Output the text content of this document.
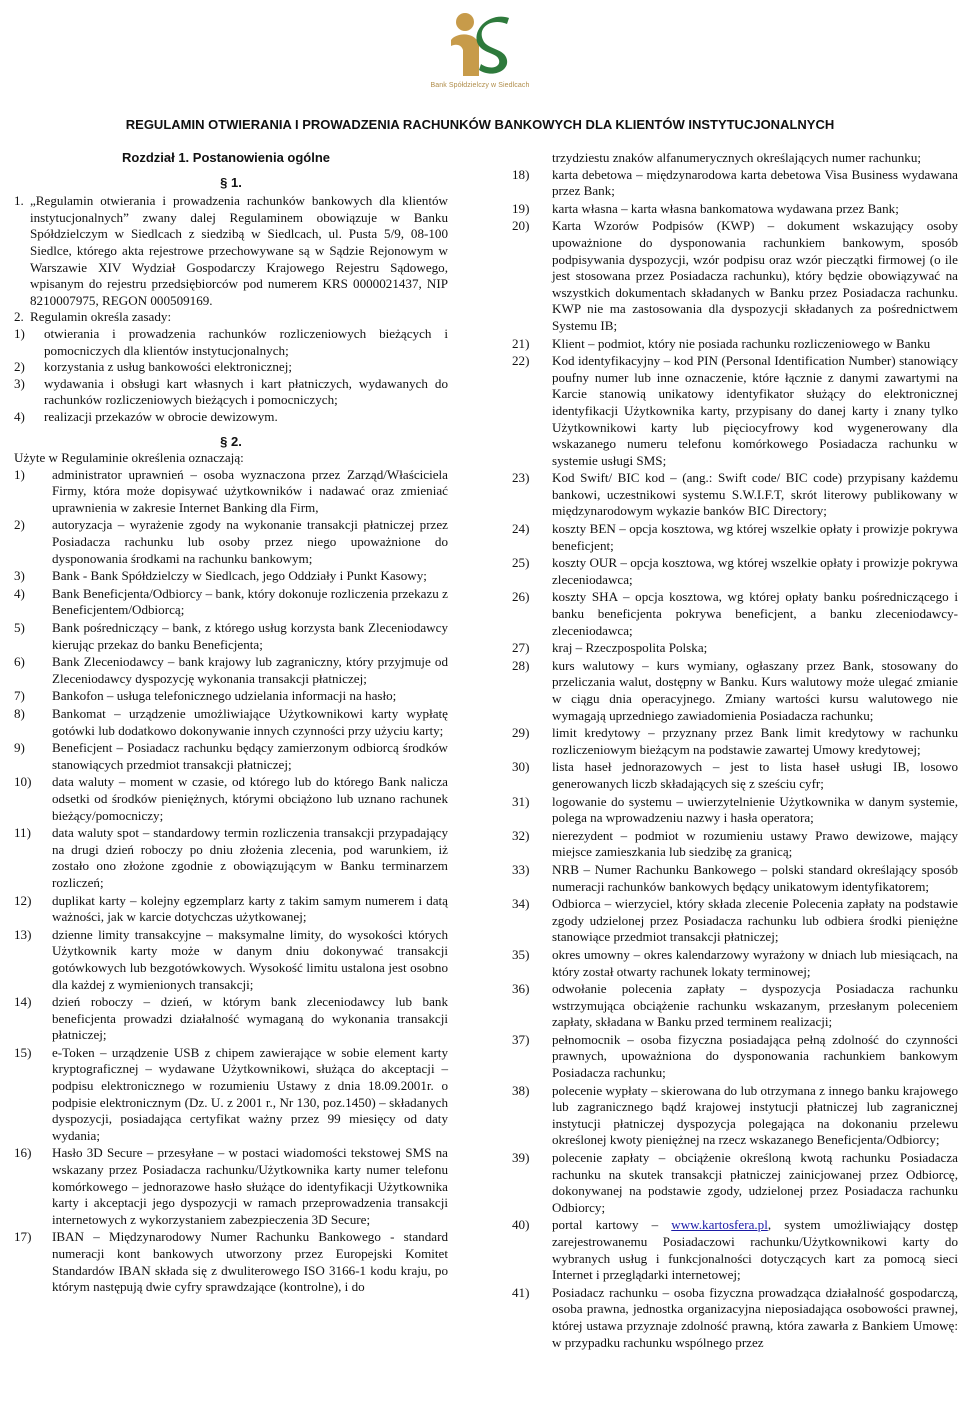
Bank Spółdzielczy w Siedlcach
REGULAMIN OTWIERANIA I PROWADZENIA RACHUNKÓW BANKOWYCH DLA KLIENTÓW INSTYTUCJONALNYCH
Rozdział 1. Postanowienia ogólne
§ 1.
1. „Regulamin otwierania i prowadzenia rachunków bankowych dla klientów instytucjonalnych” zwany dalej Regulaminem obowiązuje w Banku Spółdzielczym w Siedlcach z siedzibą w Siedlcach, ul. Pusta 5/9, 08-100 Siedlce, którego akta rejestrowe przechowywane są w Sądzie Rejonowym w Warszawie XIV Wydział Gospodarczy Krajowego Rejestru Sądowego, wpisanym do rejestru przedsiębiorców pod numerem KRS 0000021437, NIP 8210007975, REGON 000509169.
2. Regulamin określa zasady:
1) otwierania i prowadzenia rachunków rozliczeniowych bieżących i pomocniczych dla klientów instytucjonalnych;
2) korzystania z usług bankowości elektronicznej;
3) wydawania i obsługi kart własnych i kart płatniczych, wydawanych do rachunków rozliczeniowych bieżących i pomocniczych;
4) realizacji przekazów w obrocie dewizowym.
§ 2.
Użyte w Regulaminie określenia oznaczają:
1)	administrator uprawnień – osoba wyznaczona przez Zarząd/Właściciela Firmy, która może dopisywać użytkowników i nadawać oraz zmieniać uprawnienia w zakresie Internet Banking dla Firm,
2)	autoryzacja – wyrażenie zgody na wykonanie transakcji płatniczej przez Posiadacza rachunku lub osoby przez niego upoważnione do dysponowania środkami na rachunku bankowym;
3)	Bank - Bank Spółdzielczy w Siedlcach, jego Oddziały i Punkt Kasowy;
4)	Bank Beneficjenta/Odbiorcy – bank, który dokonuje rozliczenia przekazu z Beneficjentem/Odbiorcą;
5)	Bank pośredniczący – bank, z którego usług korzysta bank Zleceniodawcy kierując przekaz do banku Beneficjenta;
6)	Bank Zleceniodawcy – bank krajowy lub zagraniczny, który przyjmuje od Zleceniodawcy dyspozycję wykonania transakcji płatniczej;
7)	Bankofon – usługa telefonicznego udzielania informacji na hasło;
8)	Bankomat – urządzenie umożliwiające Użytkownikowi karty wypłatę gotówki lub dodatkowo dokonywanie innych czynności przy użyciu karty;
9)	Beneficjent – Posiadacz rachunku będący zamierzonym odbiorcą środków stanowiących przedmiot transakcji płatniczej;
10)	data waluty – moment w czasie, od którego lub do którego Bank nalicza odsetki od środków pieniężnych, którymi obciążono lub uznano rachunek bieżący/pomocniczy;
11)	data waluty spot – standardowy termin rozliczenia transakcji przypadający na drugi dzień roboczy po dniu złożenia zlecenia, pod warunkiem, iż zostało ono złożone zgodnie z obowiązującym w Banku terminarzem rozliczeń;
12)	duplikat karty – kolejny egzemplarz karty z takim samym numerem i datą ważności, jak w karcie dotychczas użytkowanej;
13)	dzienne limity transakcyjne – maksymalne limity, do wysokości których Użytkownik karty może w danym dniu dokonywać transakcji gotówkowych lub bezgotówkowych. Wysokość limitu ustalona jest osobno dla każdej z wymienionych transakcji;
14)	dzień roboczy – dzień, w którym bank zleceniodawcy lub bank beneficjenta prowadzi działalność wymaganą do wykonania transakcji płatniczej;
15)	e-Token – urządzenie USB z chipem zawierające w sobie element karty kryptograficznej – wydawane Użytkownikowi, służąca do akceptacji – podpisu elektronicznego w rozumieniu Ustawy z dnia 18.09.2001r. o podpisie elektronicznym (Dz. U. z 2001 r., Nr 130, poz.1450) – składanych dyspozycji, posiadająca certyfikat ważny przez 99 miesięcy od daty wydania;
16)	Hasło 3D Secure – przesyłane – w postaci wiadomości tekstowej SMS na wskazany przez Posiadacza rachunku/Użytkownika karty numer telefonu komórkowego – jednorazowe hasło służące do identyfikacji Użytkownika karty i akceptacji jego dyspozycji w ramach przeprowadzenia transakcji internetowych z wykorzystaniem zabezpieczenia 3D Secure;
17)	IBAN – Międzynarodowy Numer Rachunku Bankowego - standard numeracji kont bankowych utworzony przez Europejski Komitet Standardów IBAN składa się z dwuliterowego ISO 3166-1 kodu kraju, po którym następują dwie cyfry sprawdzające (kontrolne), i do
trzydziestu znaków alfanumerycznych określających numer rachunku;
18) karta debetowa – międzynarodowa karta debetowa Visa Business wydawana przez Bank;
19) karta własna – karta własna bankomatowa wydawana przez Bank;
20) Karta Wzorów Podpisów (KWP) – dokument wskazujący osoby upoważnione do dysponowania rachunkiem bankowym, sposób podpisywania dyspozycji, wzór podpisu oraz wzór pieczątki firmowej (o ile jest stosowana przez Posiadacza rachunku), który będzie obowiązywać na wszystkich dokumentach składanych w Banku przez Posiadacza rachunku. KWP nie ma zastosowania dla dyspozycji składanych za pośrednictwem Systemu IB;
21) Klient – podmiot, który nie posiada rachunku rozliczeniowego w Banku
22) Kod identyfikacyjny – kod PIN (Personal Identification Number) stanowiący poufny numer lub inne oznaczenie, które łącznie z danymi zawartymi na Karcie stanowią unikatowy identyfikator służący do elektronicznej identyfikacji Użytkownika karty, przypisany do danej karty i znany tylko Użytkownikowi karty lub pięciocyfrowy kod wygenerowany dla wskazanego numeru telefonu komórkowego Posiadacza rachunku w systemie usługi SMS;
23) Kod Swift/ BIC kod – (ang.: Swift code/ BIC code) przypisany każdemu bankowi, uczestnikowi systemu S.W.I.F.T, skrót literowy publikowany w międzynarodowym wykazie banków BIC Directory;
24) koszty BEN – opcja kosztowa, wg której wszelkie opłaty i prowizje pokrywa beneficjent;
25) koszty OUR – opcja kosztowa, wg której wszelkie opłaty i prowizje pokrywa zleceniodawca;
26) koszty SHA – opcja kosztowa, wg której opłaty banku pośredniczącego i banku beneficjenta pokrywa beneficjent, a banku zleceniodawcy- zleceniodawca;
27) kraj – Rzeczpospolita Polska;
28) kurs walutowy – kurs wymiany, ogłaszany przez Bank, stosowany do przeliczania walut, dostępny w Banku. Kurs walutowy może ulegać zmianie w ciągu dnia operacyjnego. Zmiany wartości kursu walutowego nie wymagają uprzedniego zawiadomienia Posiadacza rachunku;
29) limit kredytowy – przyznany przez Bank limit kredytowy w rachunku rozliczeniowym bieżącym na podstawie zawartej Umowy kredytowej;
30) lista haseł jednorazowych – jest to lista haseł usługi IB, losowo generowanych liczb składających się z sześciu cyfr;
31) logowanie do systemu – uwierzytelnienie Użytkownika w danym systemie, polega na wprowadzeniu nazwy i hasła operatora;
32) nierezydent – podmiot w rozumieniu ustawy Prawo dewizowe, mający miejsce zamieszkania lub siedzibę za granicą;
33) NRB – Numer Rachunku Bankowego – polski standard określający sposób numeracji rachunków bankowych będący unikatowym identyfikatorem;
34) Odbiorca – wierzyciel, który składa zlecenie Polecenia zapłaty na podstawie zgody udzielonej przez Posiadacza rachunku lub odbiera środki pieniężne stanowiące przedmiot transakcji płatniczej;
35) okres umowny – okres kalendarzowy wyrażony w dniach lub miesiącach, na który został otwarty rachunek lokaty terminowej;
36) odwołanie polecenia zapłaty – dyspozycja Posiadacza rachunku wstrzymująca obciążenie rachunku wskazanym, przesłanym poleceniem zapłaty, składana w Banku przed terminem realizacji;
37) pełnomocnik – osoba fizyczna posiadająca pełną zdolność do czynności prawnych, upoważniona do dysponowania rachunkiem bankowym Posiadacza rachunku;
38) polecenie wypłaty – skierowana do lub otrzymana z innego banku krajowego lub zagranicznego bądź krajowej instytucji płatniczej lub zagranicznej instytucji płatniczej dyspozycja polegająca na dokonaniu przelewu określonej kwoty pieniężnej na rzecz wskazanego Beneficjenta/Odbiorcy;
39) polecenie zapłaty – obciążenie określoną kwotą rachunku Posiadacza rachunku na skutek transakcji płatniczej zainicjowanej przez Odbiorcę, dokonywanej na podstawie zgody, udzielonej przez Posiadacza rachunku Odbiorcy;
40) portal kartowy – www.kartosfera.pl, system umożliwiający dostęp zarejestrowanemu Posiadaczowi rachunku/Użytkownikowi karty do wybranych usług i funkcjonalności dotyczących kart za pomocą sieci Internet i przeglądarki internetowej;
41) Posiadacz rachunku – osoba fizyczna prowadząca działalność gospodarczą, osoba prawna, jednostka organizacyjna nieposiadająca osobowości prawnej, której ustawa przyznaje zdolność prawną, która zawarła z Bankiem Umowę: w przypadku rachunku wspólnego przez
